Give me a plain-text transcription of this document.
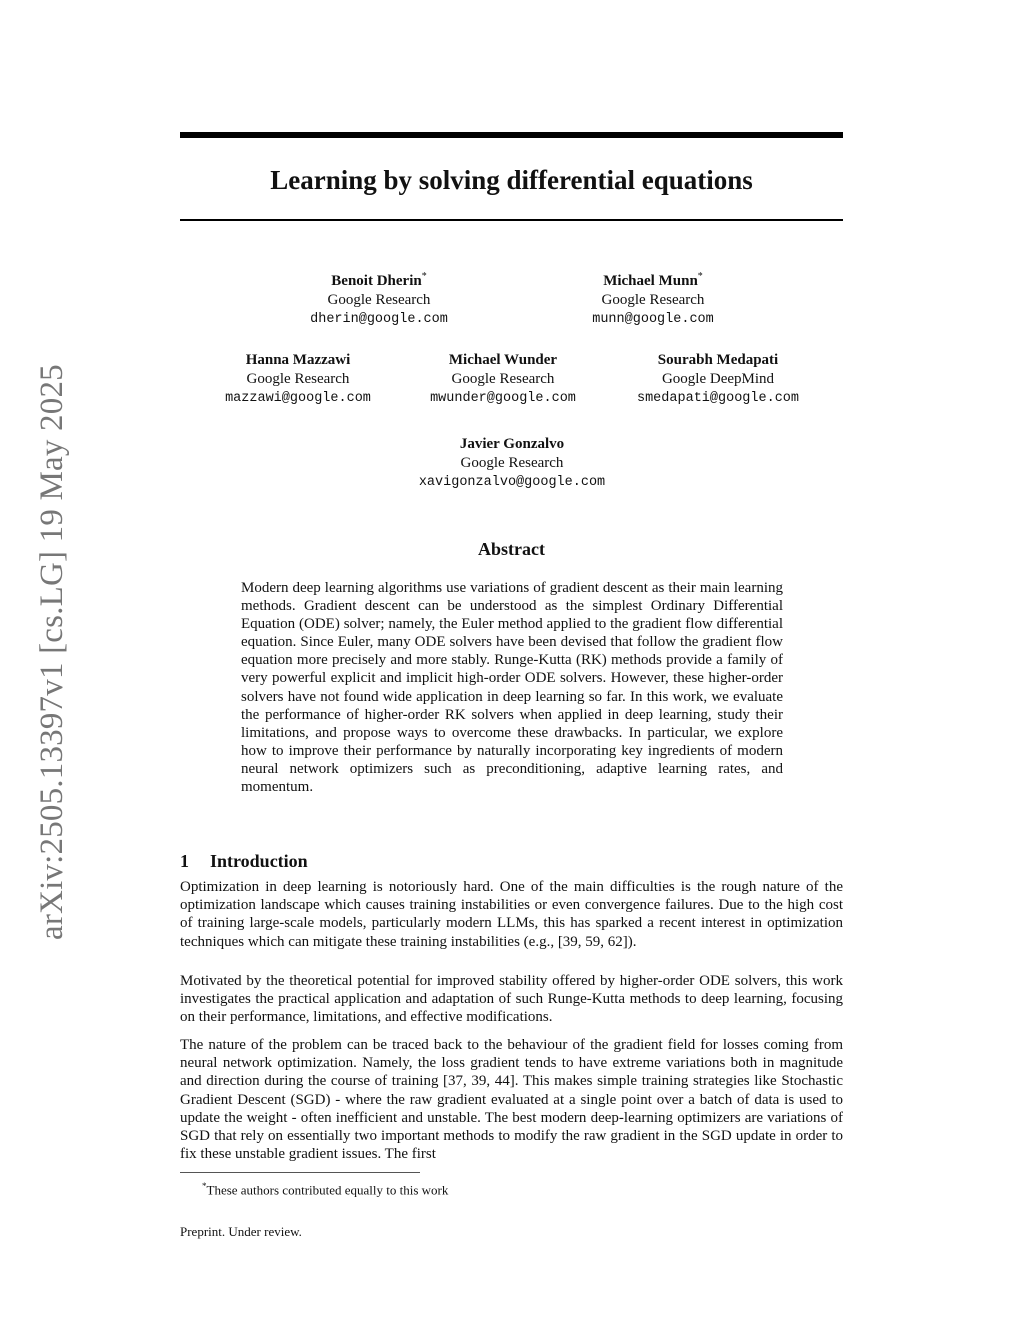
arXiv:2505.13397v1 [cs.LG] 19 May 2025
Learning by solving differential equations
Benoit Dherin*
Google Research
dherin@google.com
Michael Munn*
Google Research
munn@google.com
Hanna Mazzawi
Google Research
mazzawi@google.com
Michael Wunder
Google Research
mwunder@google.com
Sourabh Medapati
Google DeepMind
smedapati@google.com
Javier Gonzalvo
Google Research
xavigonzalvo@google.com
Abstract
Modern deep learning algorithms use variations of gradient descent as their main learning methods. Gradient descent can be understood as the simplest Ordinary Differential Equation (ODE) solver; namely, the Euler method applied to the gradient flow differential equation. Since Euler, many ODE solvers have been devised that follow the gradient flow equation more precisely and more stably. Runge-Kutta (RK) methods provide a family of very powerful explicit and implicit high-order ODE solvers. However, these higher-order solvers have not found wide application in deep learning so far. In this work, we evaluate the performance of higher-order RK solvers when applied in deep learning, study their limitations, and propose ways to overcome these drawbacks. In particular, we explore how to improve their performance by naturally incorporating key ingredients of modern neural network optimizers such as preconditioning, adaptive learning rates, and momentum.
1 Introduction

Optimization in deep learning is notoriously hard. One of the main difficulties is the rough nature of the optimization landscape which causes training instabilities or even convergence failures. Due to the high cost of training large-scale models, particularly modern LLMs, this has sparked a recent interest in optimization techniques which can mitigate these training instabilities (e.g., [39, 59, 62]).

Motivated by the theoretical potential for improved stability offered by higher-order ODE solvers, this work investigates the practical application and adaptation of such Runge-Kutta methods to deep learning, focusing on their performance, limitations, and effective modifications.

The nature of the problem can be traced back to the behaviour of the gradient field for losses coming from neural network optimization. Namely, the loss gradient tends to have extreme variations both in magnitude and direction during the course of training [37, 39, 44]. This makes simple training strategies like Stochastic Gradient Descent (SGD) - where the raw gradient evaluated at a single point over a batch of data is used to update the weight - often inefficient and unstable. The best modern deep-learning optimizers are variations of SGD that rely on essentially two important methods to modify the raw gradient in the SGD update in order to fix these unstable gradient issues. The first

*These authors contributed equally to this work
Preprint. Under review.
